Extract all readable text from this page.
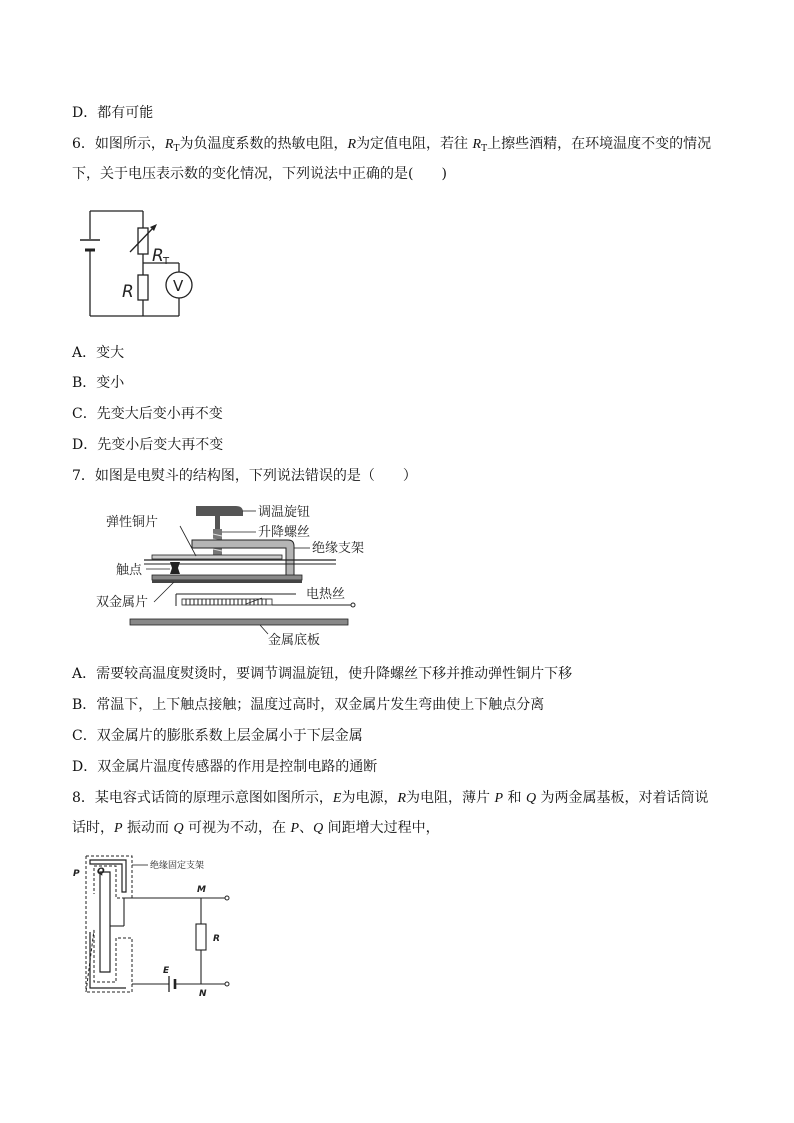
D．都有可能
6．如图所示，$R_T$为负温度系数的热敏电阻，R为定值电阻，若往 $R_T$上擦些酒精，在环境温度不变的情况
下，关于电压表示数的变化情况，下列说法中正确的是(　　)
R T
R	V
A．变大
B．变小
C．先变大后变小再不变
D．先变小后变大再不变
7．如图是电熨斗的结构图，下列说法错误的是（　　）
调温旋钮
升降螺丝
弹性铜片
绝缘支架
触点
电热丝
双金属片
金属底板
A．需要较高温度熨烫时，要调节调温旋钮，使升降螺丝下移并推动弹性铜片下移
B．常温下，上下触点接触；温度过高时，双金属片发生弯曲使上下触点分离
C．双金属片的膨胀系数上层金属小于下层金属
D．双金属片温度传感器的作用是控制电路的通断
8．某电容式话筒的原理示意图如图所示，E为电源，R为电阻，薄片 P 和 Q 为两金属基板，对着话筒说
话时，P 振动而 Q 可视为不动，在 P、Q 间距增大过程中，
绝缘固定支架
P Q
M
R
E
N
